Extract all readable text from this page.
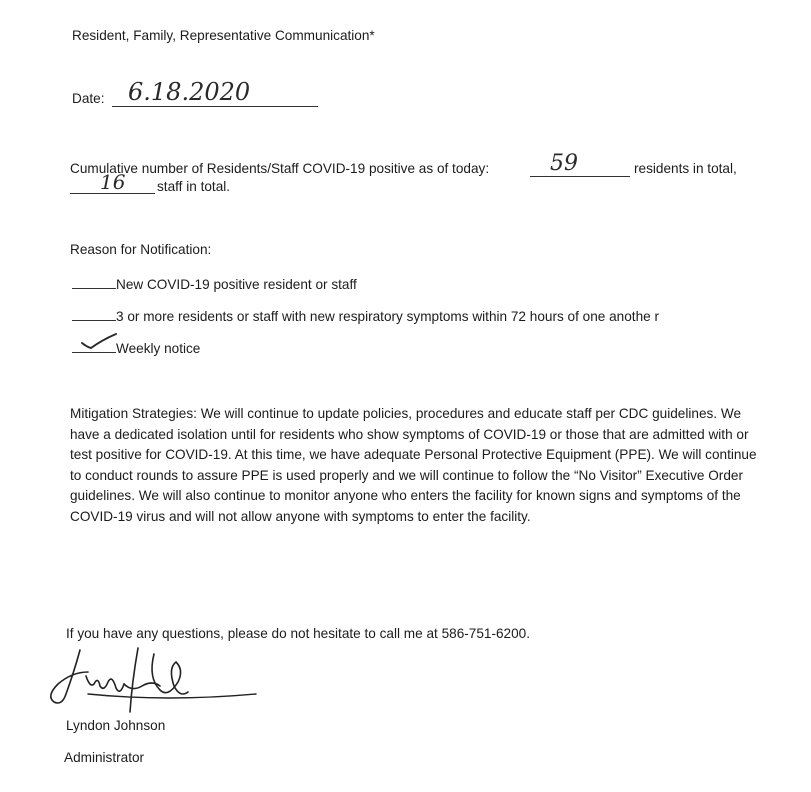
Resident, Family, Representative Communication*
Date: 6.18.2020
Cumulative number of Residents/Staff COVID-19 positive as of today:	59	residents in total,
16 staff in total.
Reason for Notification:
New COVID-19 positive resident or staff
3 or more residents or staff with new respiratory symptoms within 72 hours of one anothe r
Weekly notice
Mitigation Strategies: We will continue to update policies, procedures and educate staff per CDC guidelines. We have a dedicated isolation until for residents who show symptoms of COVID-19 or those that are admitted with or test positive for COVID-19. At this time, we have adequate Personal Protective Equipment (PPE). We will continue to conduct rounds to assure PPE is used properly and we will continue to follow the “No Visitor” Executive Order guidelines. We will also continue to monitor anyone who enters the facility for known signs and symptoms of the COVID-19 virus and will not allow anyone with symptoms to enter the facility.
If you have any questions, please do not hesitate to call me at 586-751-6200.
Lyndon Johnson
Administrator
